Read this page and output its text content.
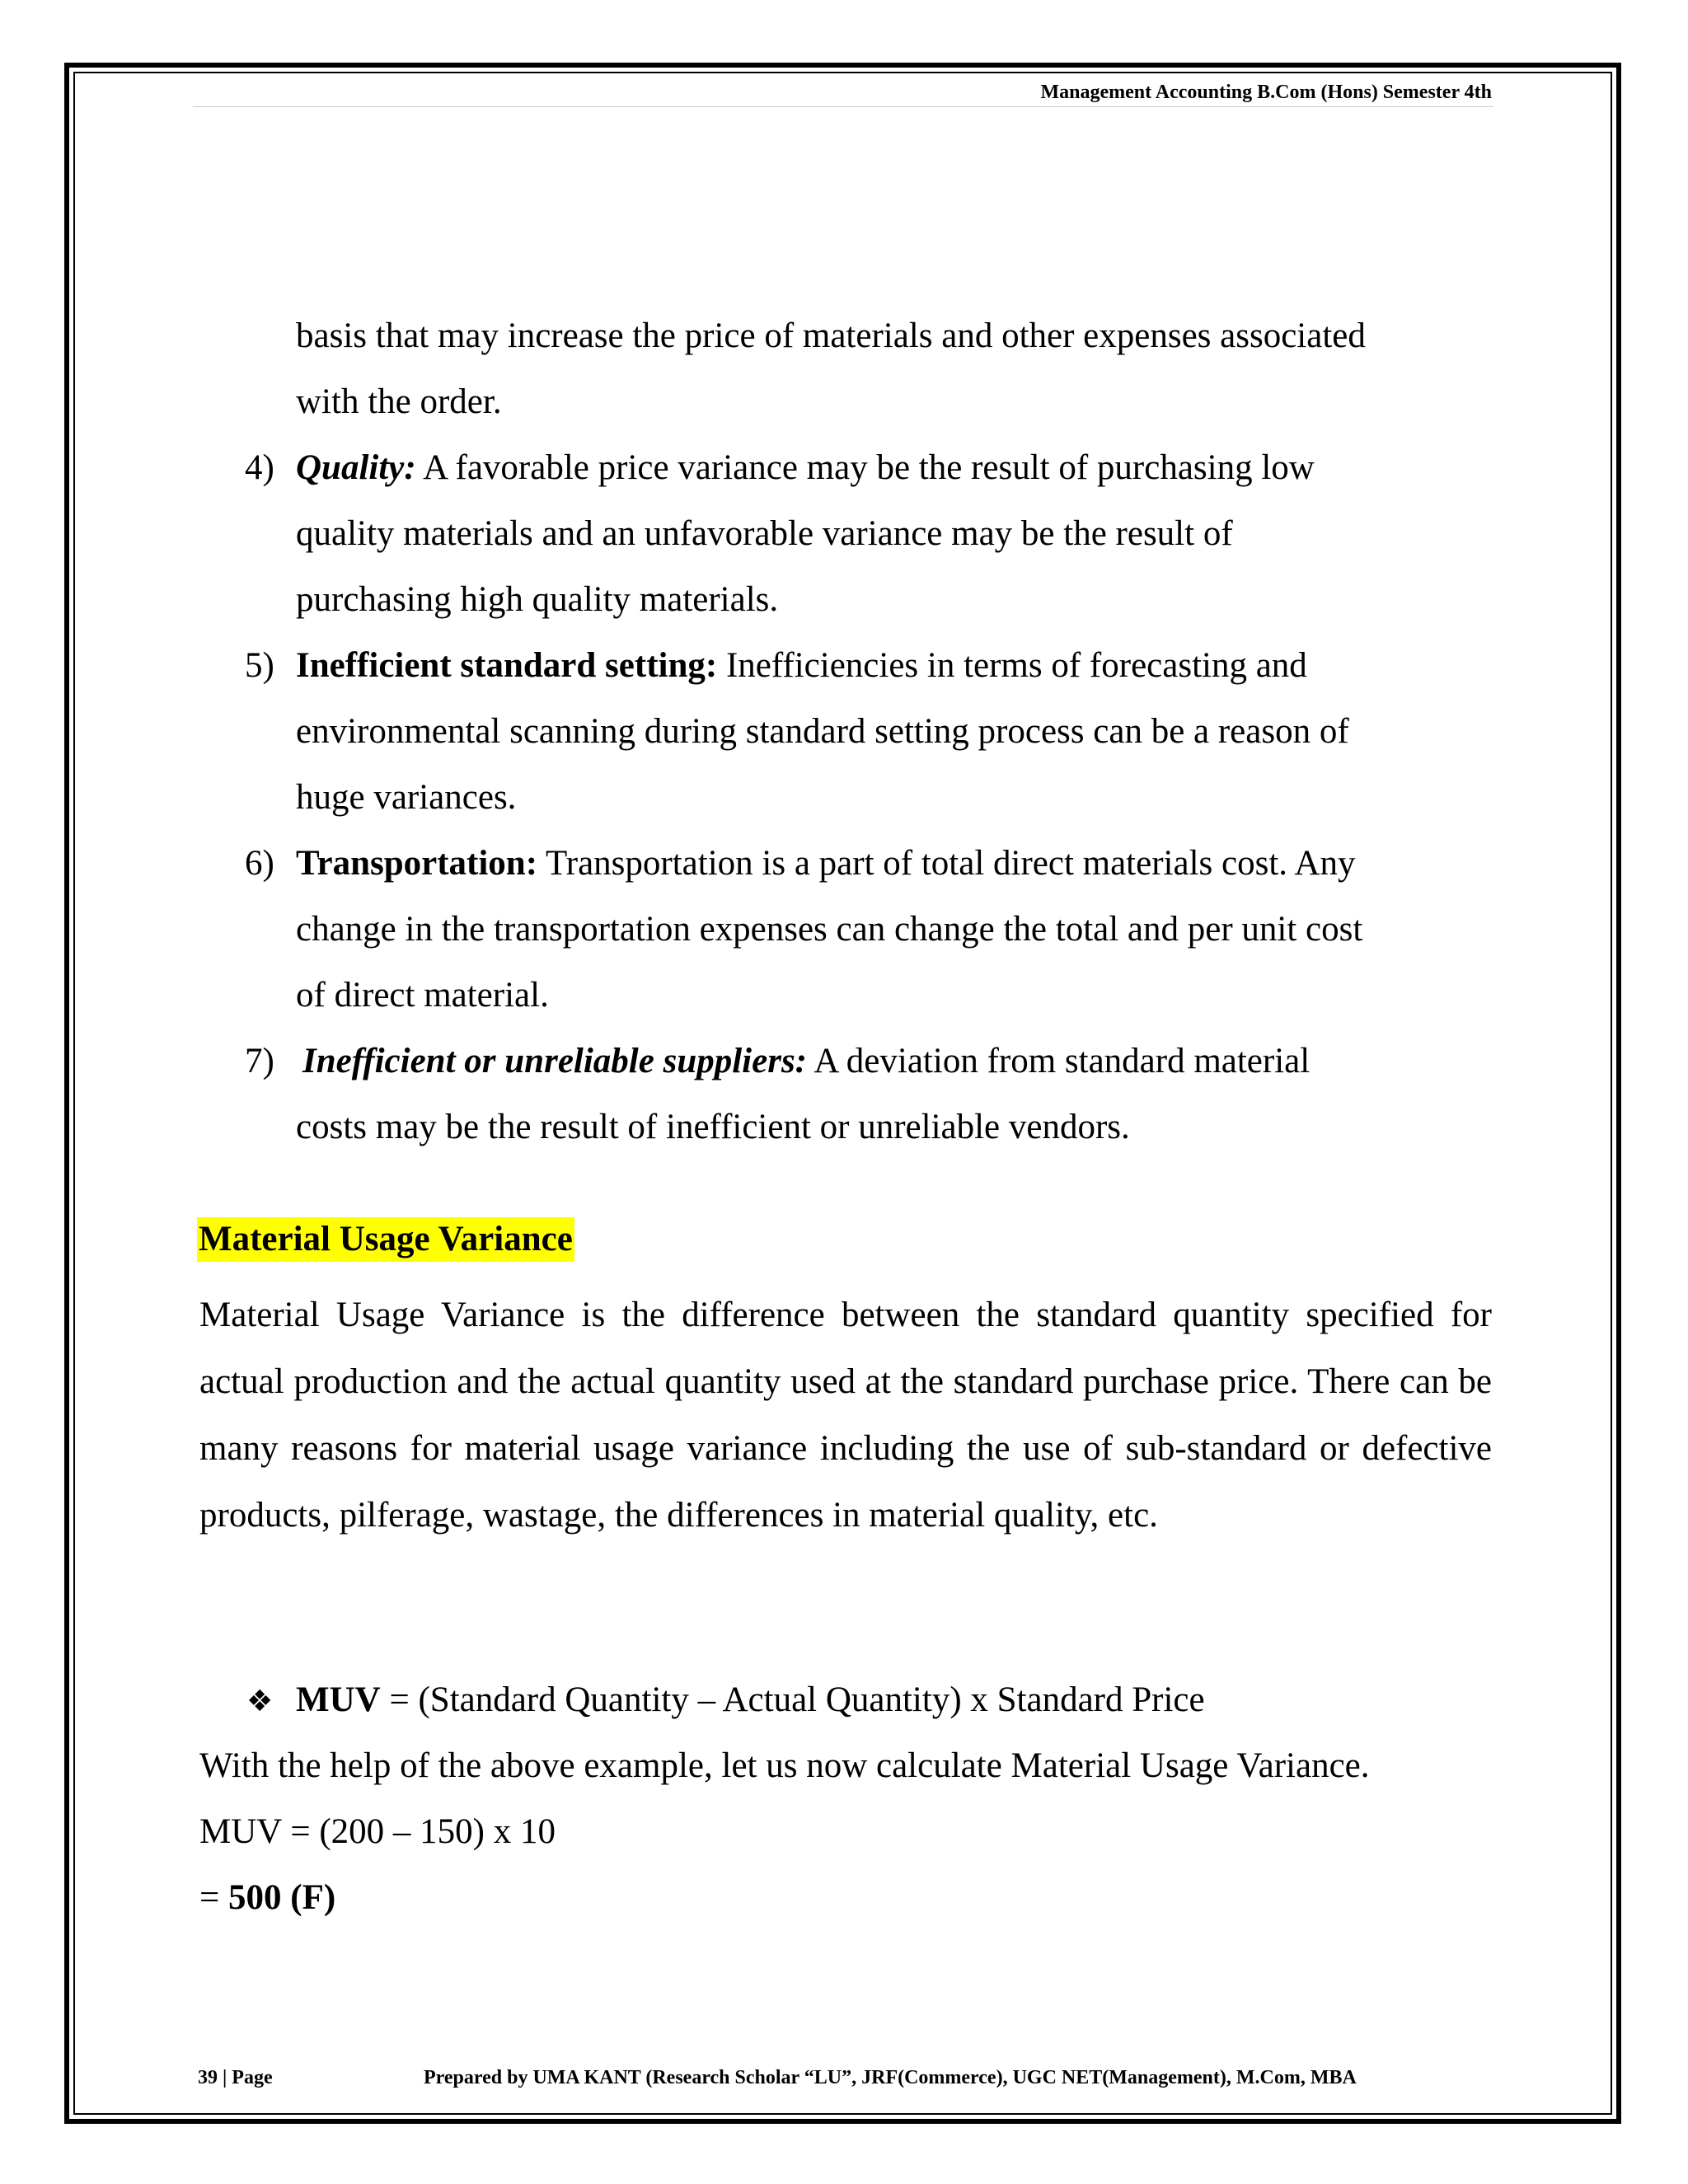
Management Accounting B.Com (Hons) Semester 4th
basis that may increase the price of materials and other expenses associated
with the order.
4) Quality: A favorable price variance may be the result of purchasing low
quality materials and an unfavorable variance may be the result of
purchasing high quality materials.
5) Inefficient standard setting: Inefficiencies in terms of forecasting and
environmental scanning during standard setting process can be a reason of
huge variances.
6) Transportation: Transportation is a part of total direct materials cost. Any
change in the transportation expenses can change the total and per unit cost
of direct material.
7) Inefficient or unreliable suppliers: A deviation from standard material
costs may be the result of inefficient or unreliable vendors.
Material Usage Variance
Material Usage Variance is the difference between the standard quantity specified for actual production and the actual quantity used at the standard purchase price. There can be many reasons for material usage variance including the use of sub-standard or defective products, pilferage, wastage, the differences in material quality, etc.
❖ MUV = (Standard Quantity – Actual Quantity) x Standard Price
With the help of the above example, let us now calculate Material Usage Variance.
MUV = (200 – 150) x 10
= 500 (F)
39 | Page	Prepared by UMA KANT (Research Scholar “LU”, JRF(Commerce), UGC NET(Management), M.Com, MBA
